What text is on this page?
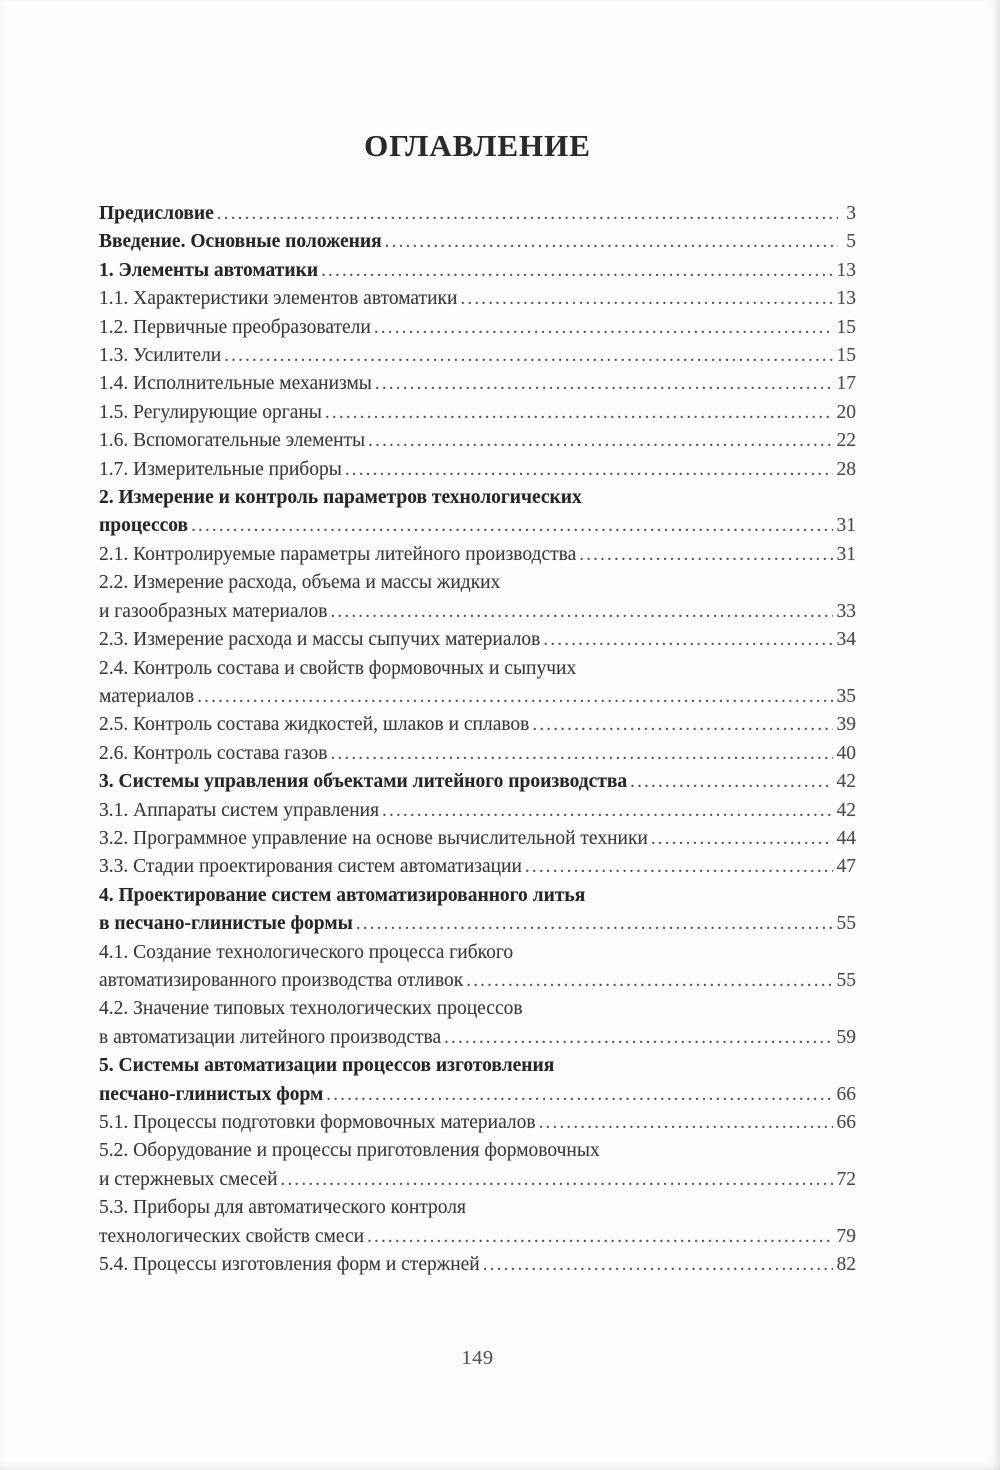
ОГЛАВЛЕНИЕ
Предисловие .....	3
Введение. Основные положения .....	5
1. Элементы автоматики .....	13
1.1. Характеристики элементов автоматики .....	13
1.2. Первичные преобразователи .....	15
1.3. Усилители .....	15
1.4. Исполнительные механизмы .....	17
1.5. Регулирующие органы .....	20
1.6. Вспомогательные элементы .....	22
1.7. Измерительные приборы .....	28
2. Измерение и контроль параметров технологических
процессов .....	31
2.1. Контролируемые параметры литейного производства .....	31
2.2. Измерение расхода, объема и массы жидких
и газообразных материалов .....	33
2.3. Измерение расхода и массы сыпучих материалов .....	34
2.4. Контроль состава и свойств формовочных и сыпучих
материалов .....	35
2.5. Контроль состава жидкостей, шлаков и сплавов .....	39
2.6. Контроль состава газов .....	40
3. Системы управления объектами литейного производства .....	42
3.1. Аппараты систем управления .....	42
3.2. Программное управление на основе вычислительной техники .....	44
3.3. Стадии проектирования систем автоматизации .....	47
4. Проектирование систем автоматизированного литья
в песчано-глинистые формы .....	55
4.1. Создание технологического процесса гибкого
автоматизированного производства отливок .....	55
4.2. Значение типовых технологических процессов
в автоматизации литейного производства .....	59
5. Системы автоматизации процессов изготовления
песчано-глинистых форм .....	66
5.1. Процессы подготовки формовочных материалов .....	66
5.2. Оборудование и процессы приготовления формовочных
и стержневых смесей .....	72
5.3. Приборы для автоматического контроля
технологических свойств смеси .....	79
5.4. Процессы изготовления форм и стержней .....	82
149
